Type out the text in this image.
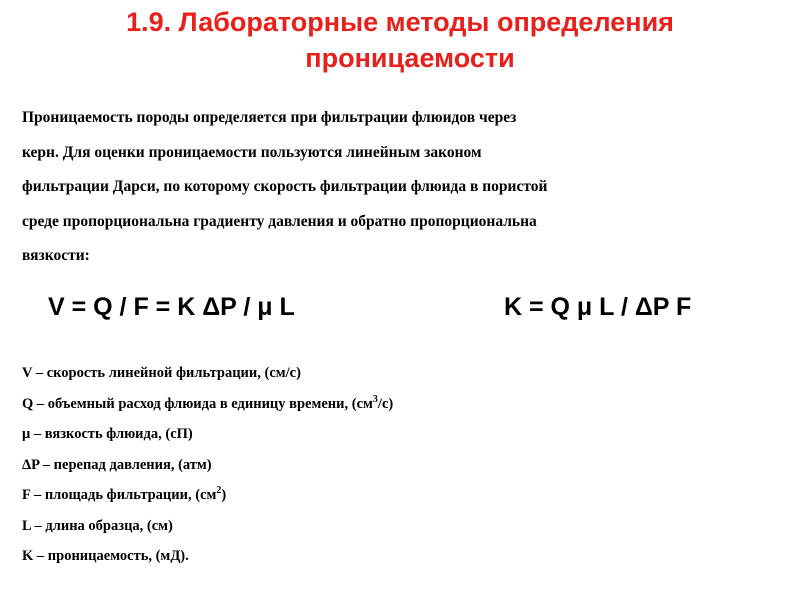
1.9. Лабораторные методы определения
проницаемости
Проницаемость породы определяется при фильтрации флюидов через
керн. Для оценки проницаемости пользуются линейным законом
фильтрации Дарси, по которому скорость фильтрации флюида в пористой
среде пропорциональна градиенту давления и обратно пропорциональна
вязкости:
V = Q / F = K ΔP / μ L	K = Q μ L / ΔP F
V – скорость линейной фильтрации, (см/с)
Q – объемный расход флюида в единицу времени, $(см^3/с)$
μ – вязкость флюида, (сП)
ΔP – перепад давления, (атм)
F – площадь фильтрации, $(см^2)$
L – длина образца, (см)
K – проницаемость, (мД).
